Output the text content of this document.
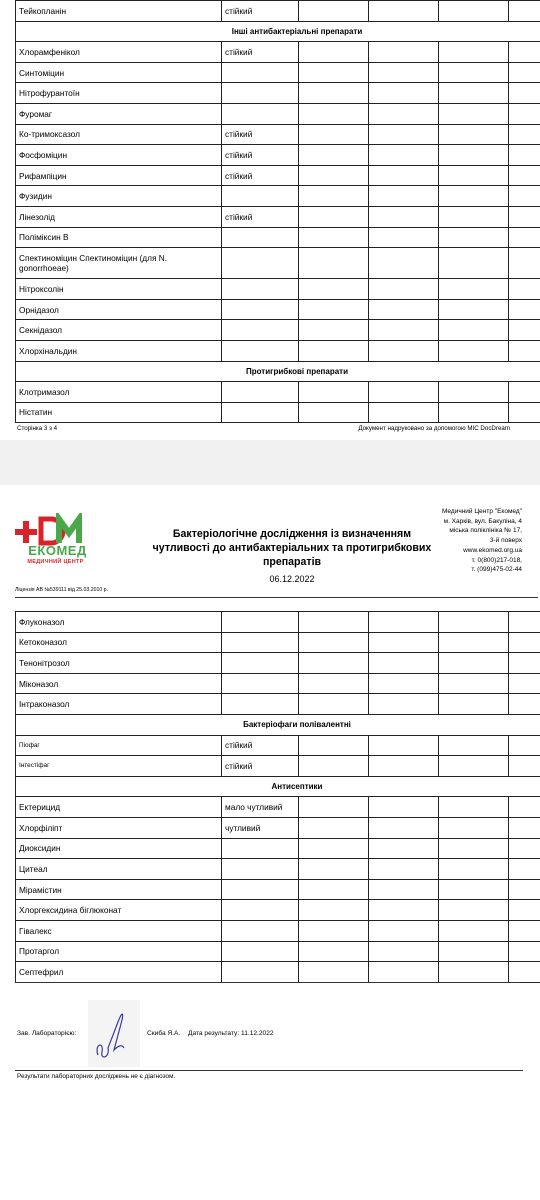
Тейкопланін	стійкий				
Інші антибактеріальні препарати					
Хлорамфенікол	стійкий				
Синтоміцин					
Нітрофурантоїн					
Фуромаг					
Ко-тримоксазол	стійкий				
Фосфоміцин	стійкий				
Рифампіцин	стійкий				
Фузидин					
Лінезолід	стійкий				
Поліміксин В					
Спектиноміцин Спектиноміцин (для N. gonorrhoeae)					
Нітроксолін					
Орнідазол					
Секнідазол					
Хлорхінальдин					
Протигрибкові препарати					
Клотримазол					
Ністатин					
Сторінка 3 з 4	Документ надруковано за допомогою МІС DocDream
ЕКОМЕД
МЕДИЧНИЙ ЦЕНТР
Бактеріологічне дослідження із визначенням чутливості до антибактеріальних та протигрибкових препаратів
06.12.2022
Медичний Центр "Екомед"
м. Харків, вул. Бакуліна, 4
міська поліклініка № 17,
3-й поверх
www.ekomed.org.ua
т. 0(800)217-018,
т. (099)475-02-44
Ліцензія АВ №539111 від 25.03.2010 р.
Флуконазол					
Кетоконазол					
Тенонітрозол					
Міконазол					
Інтраконазол					
Бактеріофаги полівалентні					
Піофаг	стійкий				
Інтестіфаг	стійкий				
Антисептики					
Ектерицид	мало чутливий				
Хлорфіліпт	чутливий				
Диоксидин					
Цитеал					
Мірамістин					
Хлоргексидина біглюконат					
Гівалекс					
Протаргол					
Септефрил					
Зав. Лабораторією:	Скиба Я.А. Дата результату: 11.12.2022
Результати лабораторних досліджень не є діагнозом.
